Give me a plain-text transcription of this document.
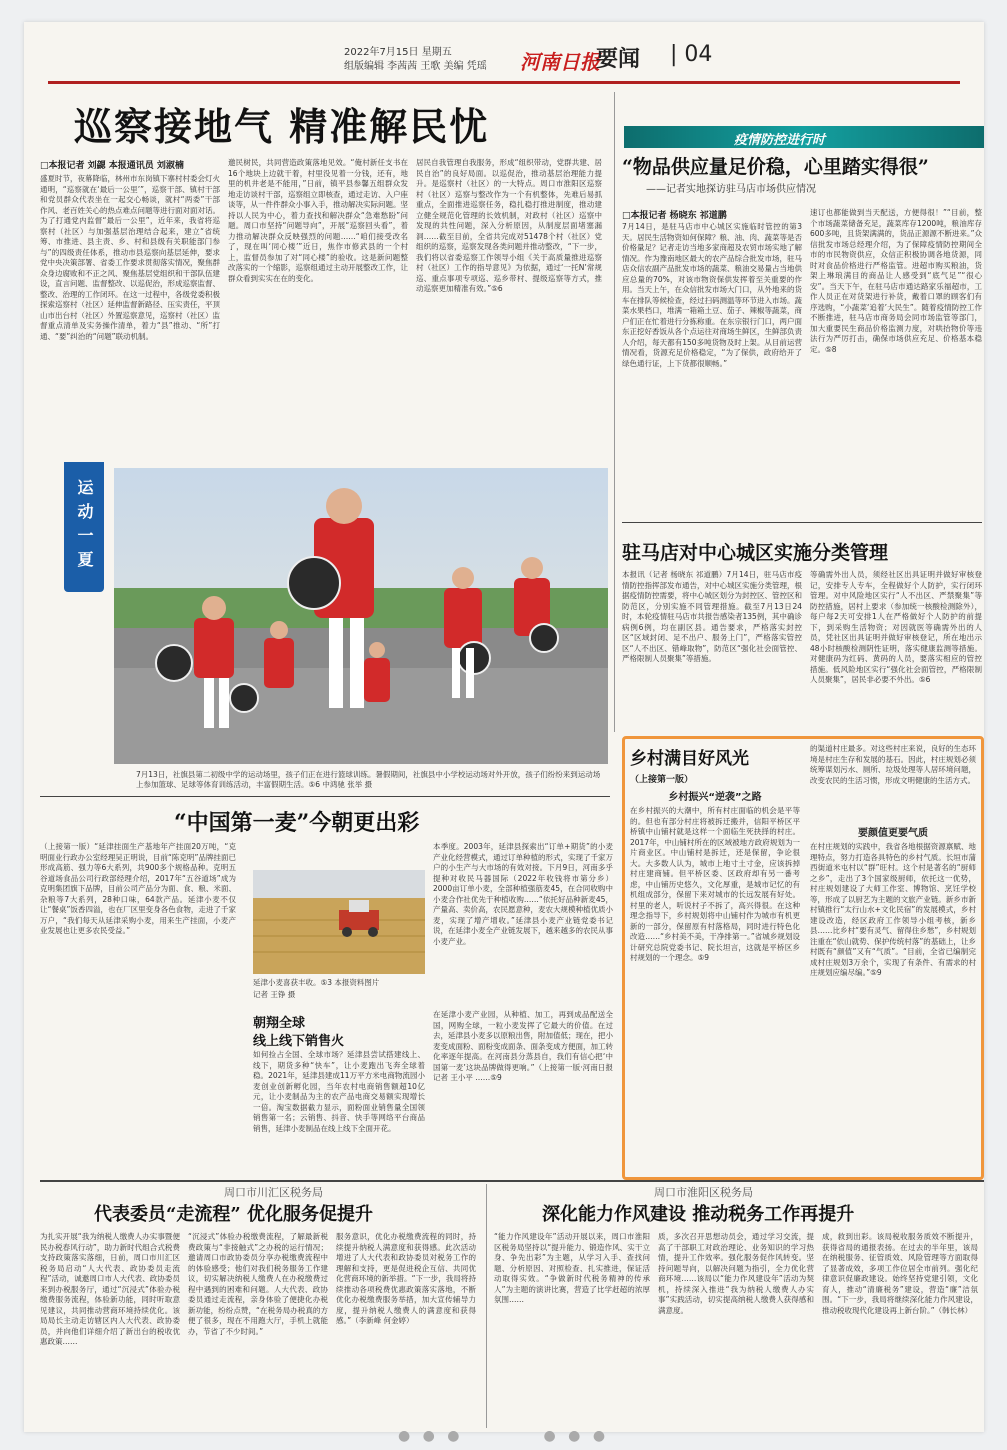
2022年7月15日 星期五
组版编辑 李茜茜 王歌 美编 凭瑶 河南日报
要闻 | 04
巡察接地气 精准解民忧
□本报记者 刘勰 本报通讯员 刘淑楠
盛夏时节，夜幕降临，林州市东岗镇下寨村村委会灯火通明，“巡察就在‘最后一公里’”，巡察干部、镇村干部和党员群众代表坐在一起交心畅谈，就村“两委”干部作风、老百姓关心的热点难点问题等进行面对面对话。为了打通党内监督“最后一公里”，近年来，我省将巡察村（社区）与加强基层治理结合起来，建立“省统筹、市推进、县主责、乡、村和县级有关职能部门参与”的四级责任体系，推动市县巡察向基层延伸，要求党中央决策部署、省委工作要求贯彻落实情况，聚焦群众身边腐败和不正之风、聚焦基层党组织和干部队伍建设，直言问题、监督整改、以巡促治，形成巡察监督、整改、治理的工作闭环。在这一过程中，各级党委积极探索巡察村（社区）延伸监督新路径、压实责任，平顶山市出台村（社区）外置巡察意见，巡察村（社区）监督重点清单及实务操作清单，着力“县”推动、“所”打通、“要”纠治的“问题”联动机制。
邀民树民，共同营造政策落地见效。“俺村新任支书在16个地块上边就干着，村里没见着一分钱，还有，地里的机井老是不能用，”日前，镇平县参馨五组群众发地走访谈村干部，巡察组立即核查，通过走访、入户座谈等，从一件件群众小事入手，推动解决实际问题。坚持以人民为中心，着力查找和解决群众“急难愁盼”问题。周口市坚持“问题导向”，开展“巡察回头看”，着力推动解决群众反映强烈的问题……“咱们接受改名了，现在叫‘同心楼’”近日，焦作市修武县的一个村上，监督员参加了对“同心楼”的验收。这是新问题整改落实的一个缩影，巡察组通过主动开展整改工作，让群众看到实实在在的变化。
居民自我管理自我服务，形成“组织带动，党群共建、居民自治”的良好局面。以巡促治，推动基层治理能力提升。是巡察村（社区）的一大特点。周口市淮阳区巡察村（社区）巡察与整改作为一个有机整体，先难后易抓重点，全面推进巡察任务，稳扎稳打推进制度，推动建立健全规范化管理的长效机制，对政村（社区）巡察中发现的共性问题，深入分析原因，从制度层面堵塞漏洞……截至目前，全省共完成对51478个村（社区）党组织的巡察，巡察发现各类问题并推动整改，“下一步，我们将以省委巡察工作领导小组《关于高质量推进巡察村（社区）工作的指导意见》为依据，通过‘一托N’常规巡、重点事项专项巡、巡乡带村、提级巡察等方式，推动巡察更加精准有效。”⑤6
运动一夏
7月13日，社旗县第二初级中学的运动场里，孩子们正在进行篮球训练。暑假期间，社旗县中小学校运动场对外开放，孩子们纷纷来到运动场上参加篮球、足球等体育训练活动，丰富假期生活。⑤6 中鸿驰 张举 摄
疫情防控进行时
“物品供应量足价稳，心里踏实得很”
——记者实地探访驻马店市场供应情况
□本报记者 杨晓东 祁道鹏
7月14日，是驻马店市中心城区实施临时管控的第3天。居民生活物资如何保障？粮、油、肉、蔬菜等是否价格量足？记者走访当地多家商超及农贸市场实地了解情况。作为豫南地区最大的农产品综合批发市场，驻马店众信农副产品批发市场的蔬菜、粮油交易量占当地供应总量的70%，对该市物资保供发挥着至关重要的作用。当天上午，在众信批发市场大门口，从外地来的货车在排队等候检查，经过扫码测温等环节进入市场。蔬菜水果档口，堆满一箱箱土豆、茄子、辣椒等蔬菜，商户们正在忙着进行分拣称重。在东宗银行门口，两户面东正挖好香饭从各个点运往对商场生鲜区，生鲜部负责人介绍，每天都有150多吨货物及时上架。从目前运营情况看，货源充足价格稳定，“为了保供，政府给开了绿色通行证，上下货都很顺畅。”
速订也都能做到当天配送，方便得很！”“目前，整个市场蔬菜储备充足，蔬菜库存1200吨，粮油库存600多吨，且货架满满的，货品正源源不断进来。”众信批发市场总经理介绍，为了保障疫情防控期间全市的市民物资供应，众信正积极协调各地货源，同时对食品价格进行严格监管。进超市购买粮油，货架上琳琅满目的商品让人感受到“底气足”“很心安”。当天下午，在驻马店市通达路家乐福超市，工作人员正在对货架进行补货，戴着口罩的顾客们有序选购，“小蔬菜‘追着’大民生”。随着疫情防控工作不断推进，驻马店市商务局会同市场监管等部门，加大重要民生商品价格监测力度，对哄抬物价等违法行为严厉打击，确保市场供应充足、价格基本稳定。⑤8
驻马店对中心城区实施分类管理
本报讯（记者 杨晓东 祁道鹏）7月14日，驻马店市疫情防控指挥部发布通告，对中心城区实施分类管理，根据疫情防控需要，将中心城区划分为封控区、管控区和防范区，分别实施不同管理措施。截至7月13日24时，本轮疫情驻马店市共报告感染者135例，其中确诊病例6例，均在副区县。通告要求，严格落实封控区“区域封闭、足不出户、服务上门”，严格落实管控区“人不出区、错峰取物”，防范区“强化社会面管控、严格限制人员聚集”等措施。
等确需外出人员，须经社区出具证明并做好审核登记，安排专人专车，全程做好个人防护，实行闭环管理。对中风险地区实行“人不出区、严禁聚集”等防控措施，居村上要求（参加统一核酸检测除外），每户每2天可安排1人在严格做好个人防护的前提下，到采购生活物资；对因就医等确需外出的人员，凭社区出具证明并做好审核登记，所在地出示48小时核酸检测阴性证明，落实健康监测等措施。对健康码为红码、黄码的人员，要落实相应的管控措施。低风险地区实行“强化社会面管控，严格限制人员聚集”，居民非必要不外出。⑤6
乡村满目好风光
（上接第一版）
乡村振兴“逆袭”之路
在乡村振兴的大潮中，所有村庄面临的机会是平等的。但也有部分村庄将被拆迁搬并，信阳平桥区平桥镇中山铺村就是这样一个面临生死抉择的村庄。2017年，中山铺村所在的区域被地方政府规划为一片商业区。中山铺村是拆迁，还是保留，争论很大。大多数人认为，城市上地寸土寸金，应该拆掉村庄建商铺。但平桥区委、区政府却有另一番考虑，中山铺历史悠久，文化厚重，是城市记忆的有机组成部分，保留下来对城市的长远发展有好处。村里的老人，听说村子不拆了，高兴得很。在这种理念指导下，乡村规划将中山铺村作为城市有机更新的一部分，保留原有村落格局，同时进行特色化改造……“乡村美不美，干净排第一。”省城乡规划设计研究总院党委书记、院长坦言，这就是平桥区乡村规划的一个理念。⑤9
的渠道村庄最多。对这些村庄来说，良好的生态环境是村庄生存和发展的基石。因此，村庄规划必须统筹谋划污水、厕所、垃圾处理等人居环境问题，改变农民的生活习惯，形成文明健康的生活方式。
要颜值更要气质
在村庄规划的实践中，我省各地根据资源禀赋、地理特点，努力打造各具特色的乡村气质。长垣市蒲西街道米屯村以“群”旺村。这个村是著名的“厨师之乡”，走出了3个国家级厨师，依托这一优势，村庄规划建设了大师工作室、博物馆、烹饪学校等，形成了以厨艺为主题的文旅产业链。新乡市新村镇推行“太行山水+文化民宿”的发展模式，乡村建设改造，经区政府工作领导小组考核，新乡县……比乡村“要有灵气、留得住乡愁”，乡村规划注重在“依山就势、保护传统村落”的基础上，让乡村既有“颜值”又有“气质”。“目前，全省已编制完成村庄规划3万余个，实现了有条件、有需求的村庄规划应编尽编。”⑤9
“中国第一麦”今朝更出彩
（上接第一版）“延津挂面生产基地年产挂面20万吨，“克明面业行政办公室经理吴正明说，目前“陈克明”品牌挂面已形成高筋、强力等6大系列，共900多个规格品种。克明五谷道场食品公司行政部经理介绍，2017年“五谷道场”成为克明集团旗下品牌，目前公司产品分为面、食、粮、米面、杂粮等7大系列，28种口味，64款产品。延津小麦不仅让“餐桌”饭香四溢，也在厂区里变身各色食物，走进了千家万户，“我们每天从延津采购小麦，用来生产挂面，小麦产业发展也让更多农民受益。”
延津小麦喜获丰收。⑤3 本报资料图片
记者 王铮 摄
朝翔全球
线上线下销售火
如何捡占全国、全球市场？延津县尝试搭建线上、线下，期货多种“快车”，让小麦跑出飞奔全球着稳。2021年，延津县建成11万平方米电商物流园小麦创业创新孵化园，当年农村电商销售额超10亿元，让小麦制品为主的农产品电商交易额实现增长一倍。淘宝数据截力显示，面粉面业销售量全国领销售第一名；云销售、抖音、快手等网络平台商品销售，延津小麦制品在线上线下全面开花。
本季度。2003年，延津县探索出“订单+期货”的小麦产业化经营模式，通过订单种植的形式，实现了千家万户的小生产与大市场的有效对接。下月9日，河南多乎提种对收民马器国际（2022年收钱将市第分乡）2000亩订单小麦，全部种植强筋麦45，在合同收购中小麦合作社优先于种植收购……“依托好品种新麦45，产量高、卖价高，农民愿意种，麦农大规模种植优质小麦，实现了增产增收。”延津县小麦产业链党委书记说，在延津小麦全产业链发展下，越来越多的农民从事小麦产业。
在延津小麦产业园，从种植、加工，再到成品配送全国，网购全球，一粒小麦发挥了它最大的价值。在过去，延津县小麦多以原粮出售，附加值低；现在，把小麦变成面粉、面粉变成面条、面条变成方便面，加工转化率逐年提高。在河南县分蒸县自，我们有信心把‘中国第一麦’这块品牌做得更响。”（上接第一版·河南日报记者 王小平 ……⑤9
周口市川汇区税务局
代表委员“走流程” 优化服务促提升
为扎实开展“我为纳税人缴费人办实事暨便民办税春风行动”，助力新时代组合式税费支持政策落实落细，日前，周口市川汇区税务局启动“人大代表、政协委员走流程”活动，诚邀周口市人大代表、政协委员来到办税服务厅，通过“沉浸式”体验办税缴费服务流程，体验新功能，同时听取意见建议，共同推动营商环境持续优化。该局局长主动走访辖区内人大代表、政协委员，并向他们详细介绍了新出台的税收优惠政策……
“沉浸式”体验办税缴费流程，了解最新税费政策与“非接触式”之办税的运行情况；邀请周口市政协委员分享办税缴费流程中的体验感受；他们对我们税务服务工作建议，切实解决纳税人缴费人在办税缴费过程中遇到的困难和问题。人大代表、政协委员通过走流程，亲身体验了便捷化办税新功能，纷纷点赞，“在税务局办税真的方便了很多，现在不用跑大厅，手机上就能办，节省了不少时间。”
服务意识，优化办税缴费流程的同时，持续提升纳税人满意度和获得感。此次活动增进了人大代表和政协委员对税务工作的理解和支持，更是促进税企互信、共同优化营商环境的新举措。“下一步，我局将持续推动各项税费优惠政策落实落地，不断优化办税缴费服务举措，加大宣传辅导力度，提升纳税人缴费人的满意度和获得感。”（李新峰 何金婷）
周口市淮阳区税务局
深化能力作风建设 推动税务工作再提升
“能力作风建设年”活动开展以来，周口市淮阳区税务局坚持以“提升能力、锻造作风、实干立身、争先出彩”为主题，从学习入手、查找问题、分析原因、对照检查、扎实推进，保证活动取得实效。“争做新时代税务精神的传承人”为主题的演讲比赛，营造了比学赶超的浓厚氛围……
质，多次召开思想动员会，通过学习交流，提高了干部职工对政治理论、业务知识的学习热情，提升工作效率。强化服务促作风转变。坚持问题导向，以解决问题为指引，全力优化营商环境……该局以“能力作风建设年”活动为契机，持续深入推进“我为纳税人缴费人办实事”实践活动，切实提高纳税人缴费人获得感和满意度。
成，救到出彩。该局税收服务质效不断提升，获得省局的通报表扬。在过去的半年里，该局在纳税服务、征管质效、风险管理等方面取得了显著成效，多项工作位居全市前列。强化纪律意识促廉政建设。始终坚持党建引领，文化育人，推动“清廉税务”建设，营造“廉”洁氛围。“下一步，我局将继续深化能力作风建设，推动税收现代化建设再上新台阶。”（韩长林）
● ● ●	● ● ●
